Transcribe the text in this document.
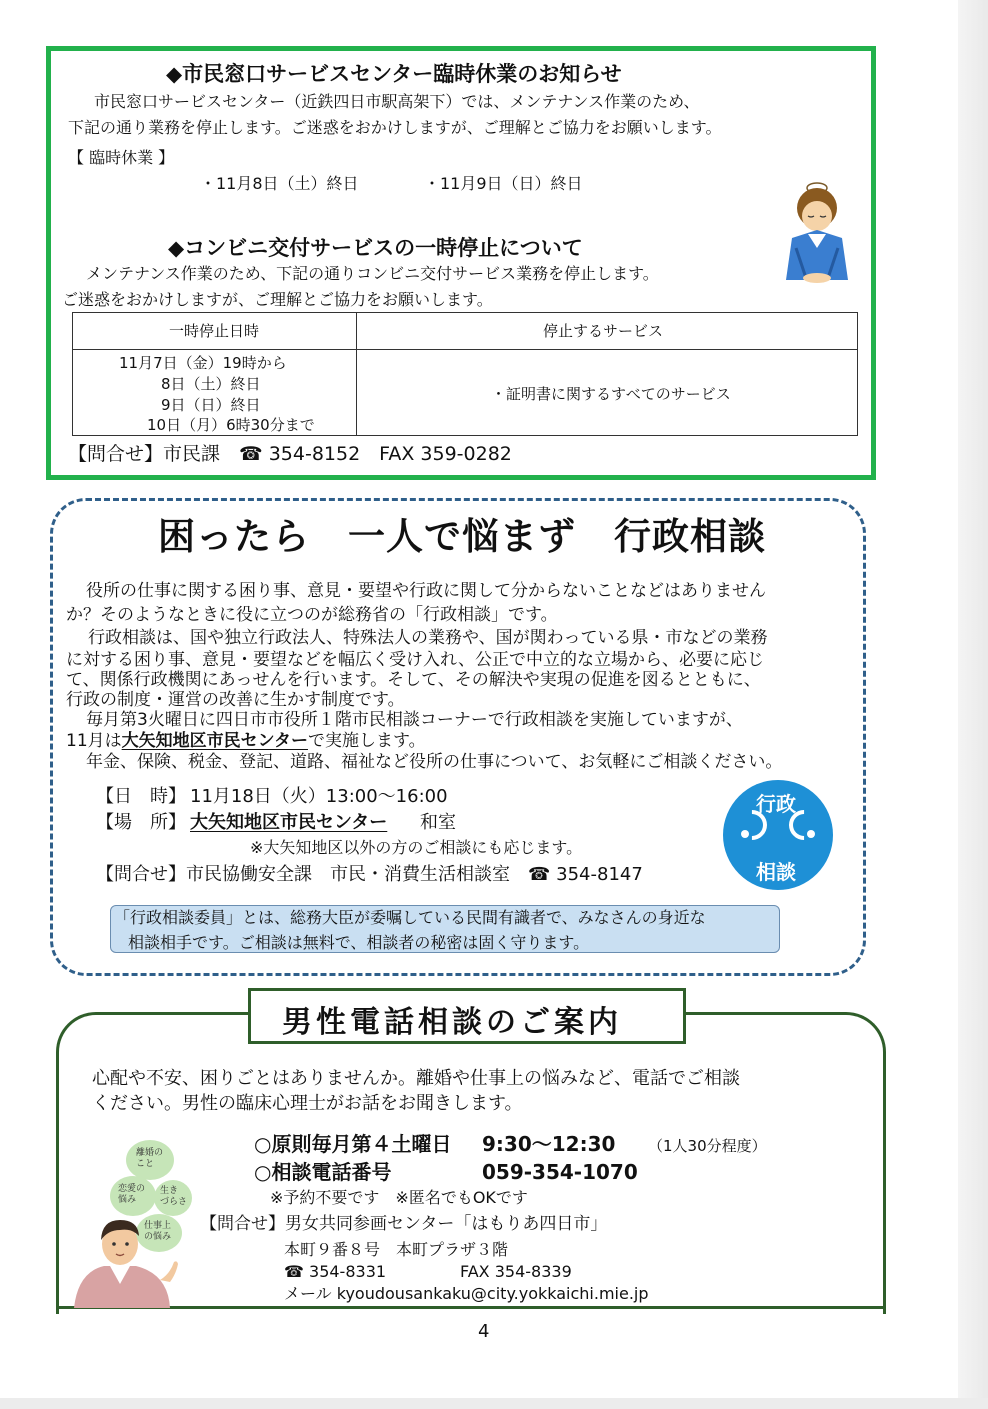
◆市民窓口サービスセンター臨時休業のお知らせ
市民窓口サービスセンター（近鉄四日市駅高架下）では、メンテナンス作業のため、
下記の通り業務を停止します。ご迷惑をおかけしますが、ご理解とご協力をお願いします。
【 臨時休業 】
・11月8日（土）終日	・11月9日（日）終日
◆コンビニ交付サービスの一時停止について
メンテナンス作業のため、下記の通りコンビニ交付サービス業務を停止します。
ご迷惑をおかけしますが、ご理解とご協力をお願いします。
一時停止日時	停止するサービス
11月7日（金）19時から
8日（土）終日
9日（日）終日
10日（月）6時30分まで
・証明書に関するすべてのサービス
【問合せ】市民課　☎ 354-8152　FAX 359-0282
困ったら　一人で悩まず　行政相談
役所の仕事に関する困り事、意見・要望や行政に関して分からないことなどはありません
か？そのようなときに役に立つのが総務省の「行政相談」です。
行政相談は、国や独立行政法人、特殊法人の業務や、国が関わっている県・市などの業務
に対する困り事、意見・要望などを幅広く受け入れ、公正で中立的な立場から、必要に応じ
て、関係行政機関にあっせんを行います。そして、その解決や実現の促進を図るとともに、
行政の制度・運営の改善に生かす制度です。
毎月第3火曜日に四日市市役所１階市民相談コーナーで行政相談を実施していますが、
11月は大矢知地区市民センターで実施します。
年金、保険、税金、登記、道路、福祉など役所の仕事について、お気軽にご相談ください。
【日　時】 11月18日（火）13:00～16:00
【場　所】 大矢知地区市民センター 和室
※大矢知地区以外の方のご相談にも応じます。
【問合せ】市民協働安全課　市民・消費生活相談室　☎ 354-8147
行政
相談
「行政相談委員」とは、総務大臣が委嘱している民間有識者で、みなさんの身近な
相談相手です。ご相談は無料で、相談者の秘密は固く守ります。
男性電話相談のご案内
心配や不安、困りごとはありませんか。離婚や仕事上の悩みなど、電話でご相談
ください。男性の臨床心理士がお話をお聞きします。
○原則毎月第４土曜日 9:30～12:30 （1人30分程度）
○相談電話番号	059-354-1070
※予約不要です　※匿名でもOKです
【問合せ】男女共同参画センター「はもりあ四日市」
本町９番８号　本町プラザ３階
☎ 354-8331	FAX 354-8339
メール kyoudousankaku@city.yokkaichi.mie.jp
離婚の
こと
恋愛の
悩み
生き
づらさ
仕事上
の悩み
4
